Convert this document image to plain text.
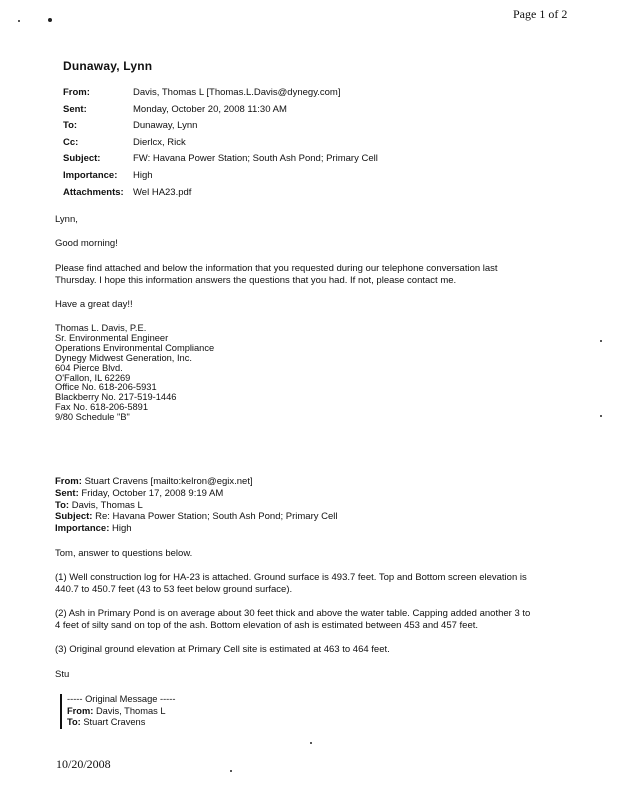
Page 1 of 2
Dunaway, Lynn
From:	Davis, Thomas L [Thomas.L.Davis@dynegy.com]
Sent:	Monday, October 20, 2008 11:30 AM
To:	Dunaway, Lynn
Cc:	Dierlcx, Rick
Subject:	FW: Havana Power Station; South Ash Pond; Primary Cell
Importance:	High
Attachments:	Wel HA23.pdf
Lynn,
Good morning!

Please find attached and below the information that you requested during our telephone conversation last

Thursday. I hope this information answers the questions that you had. If not, please contact me.

Have a great day!!

Thomas L. Davis, P.E.

Sr. Environmental Engineer

Operations Environmental Compliance

Dynegy Midwest Generation, Inc.

604 Pierce Blvd.

O'Fallon, IL 62269

Office No. 618-206-5931

Blackberry No. 217-519-1446

Fax No. 618-206-5891

9/80 Schedule "B"

From: Stuart Cravens [mailto:kelron@egix.net]

Sent: Friday, October 17, 2008 9:19 AM

To: Davis, Thomas L

Subject: Re: Havana Power Station; South Ash Pond; Primary Cell

Importance: High

Tom, answer to questions below.

(1) Well construction log for HA-23 is attached. Ground surface is 493.7 feet. Top and Bottom screen elevation is

440.7 to 450.7 feet (43 to 53 feet below ground surface).

(2) Ash in Primary Pond is on average about 30 feet thick and above the water table. Capping added another 3 to

4 feet of silty sand on top of the ash. Bottom elevation of ash is estimated between 453 and 457 feet.

(3) Original ground elevation at Primary Cell site is estimated at 463 to 464 feet.
Stu
----- Original Message -----
From: Davis, Thomas L
To: Stuart Cravens
10/20/2008
